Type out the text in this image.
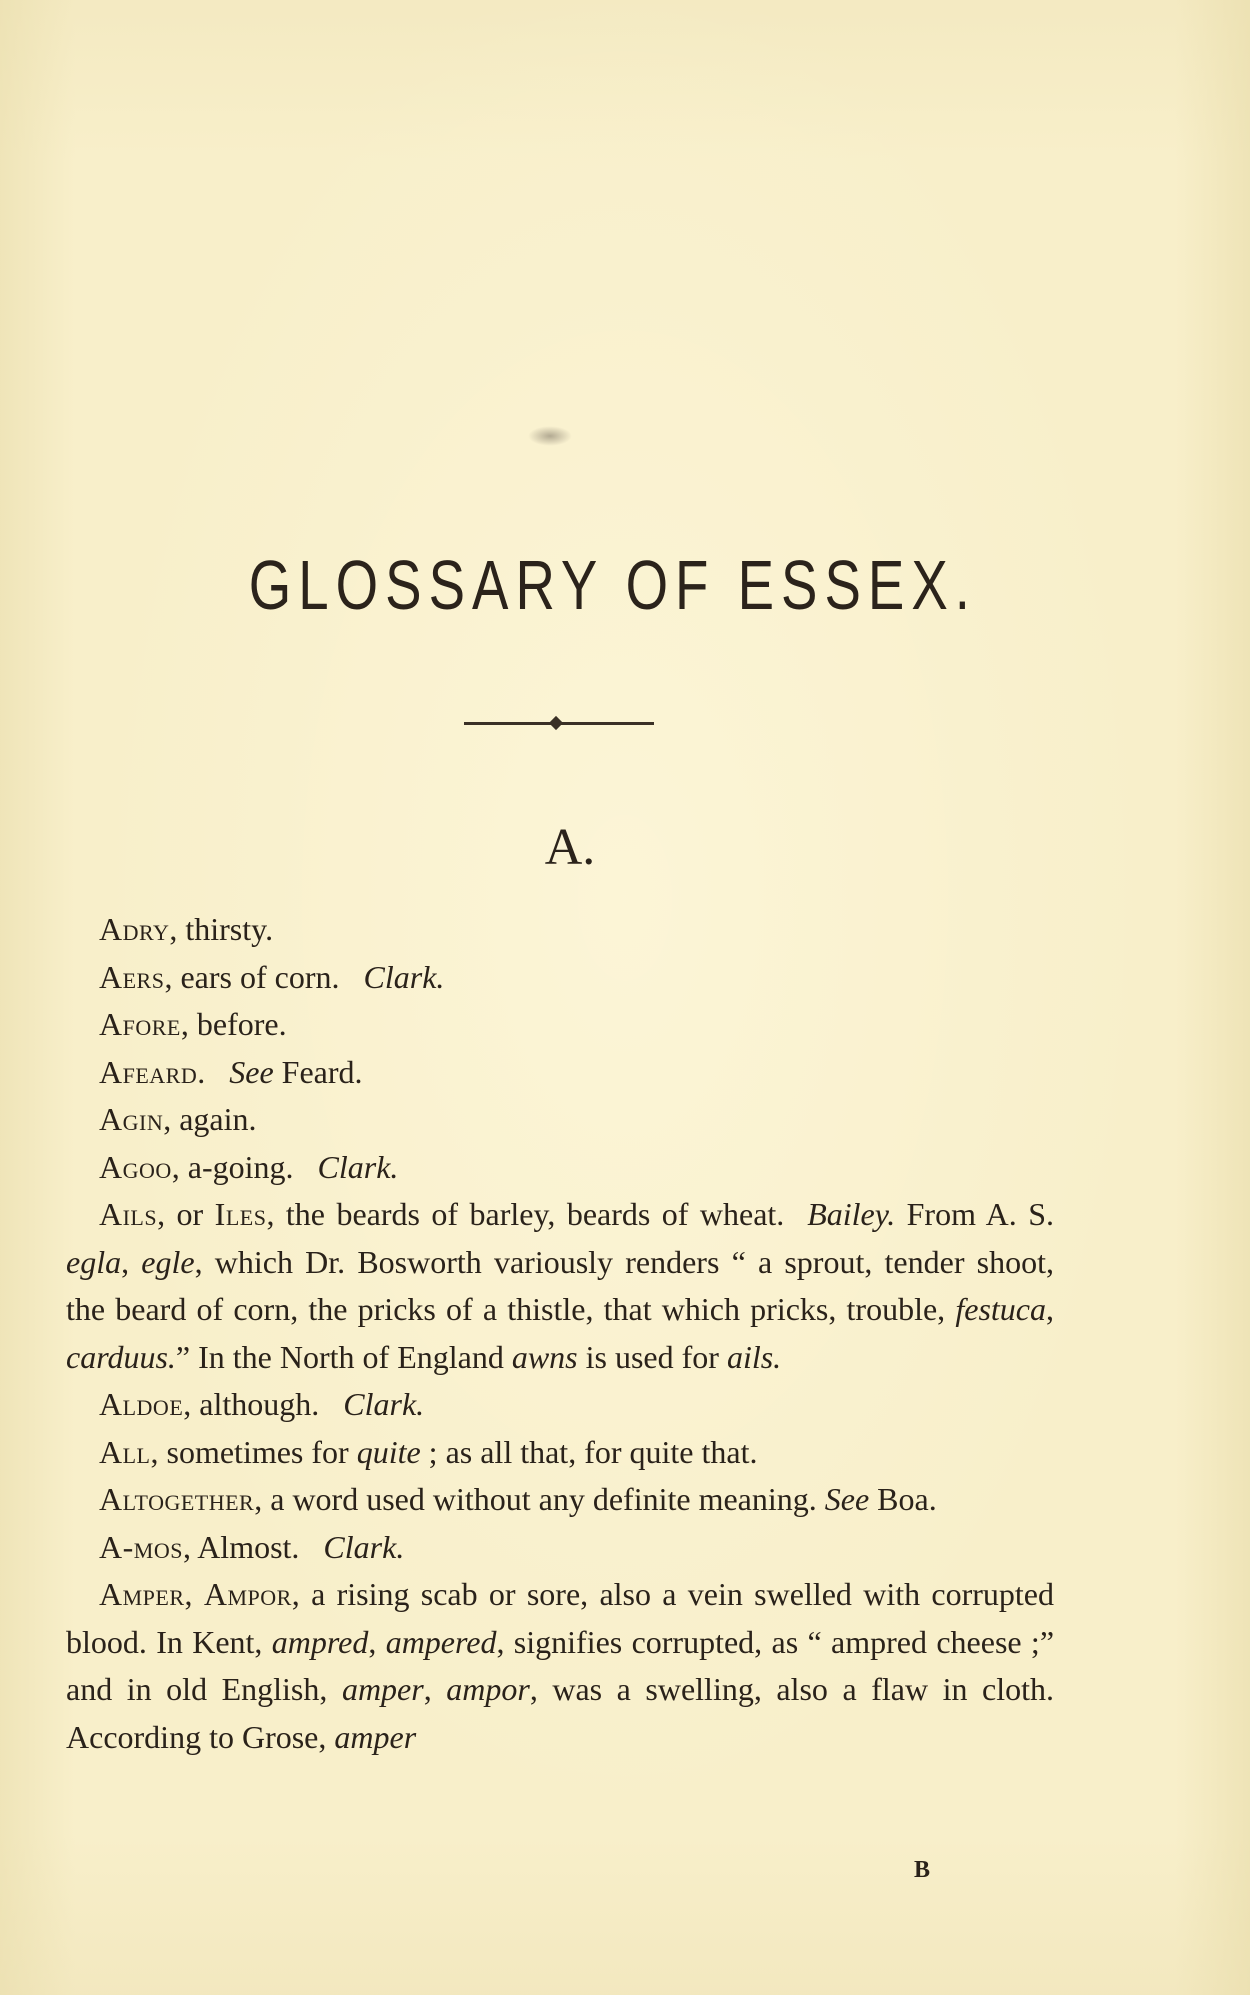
GLOSSARY OF ESSEX.
A.

Adry, thirsty.

Aers, ears of corn. Clark.

Afore, before.

Afeard. See Feard.

Agin, again.

Agoo, a-going. Clark.

Ails, or Iles, the beards of barley, beards of wheat. Bailey. From A. S. egla, egle, which Dr. Bosworth variously renders “ a sprout, tender shoot, the beard of corn, the pricks of a thistle, that which pricks, trouble, festuca, carduus.” In the North of England awns is used for ails.

Aldoe, although. Clark.

All, sometimes for quite ; as all that, for quite that.

Altogether, a word used without any definite meaning. See Boa.

A-mos, Almost. Clark.

Amper, Ampor, a rising scab or sore, also a vein swelled with corrupted blood. In Kent, ampred, ampered, signifies corrupted, as “ ampred cheese ;” and in old English, amper, ampor, was a swelling, also a flaw in cloth. According to Grose, amper

B
